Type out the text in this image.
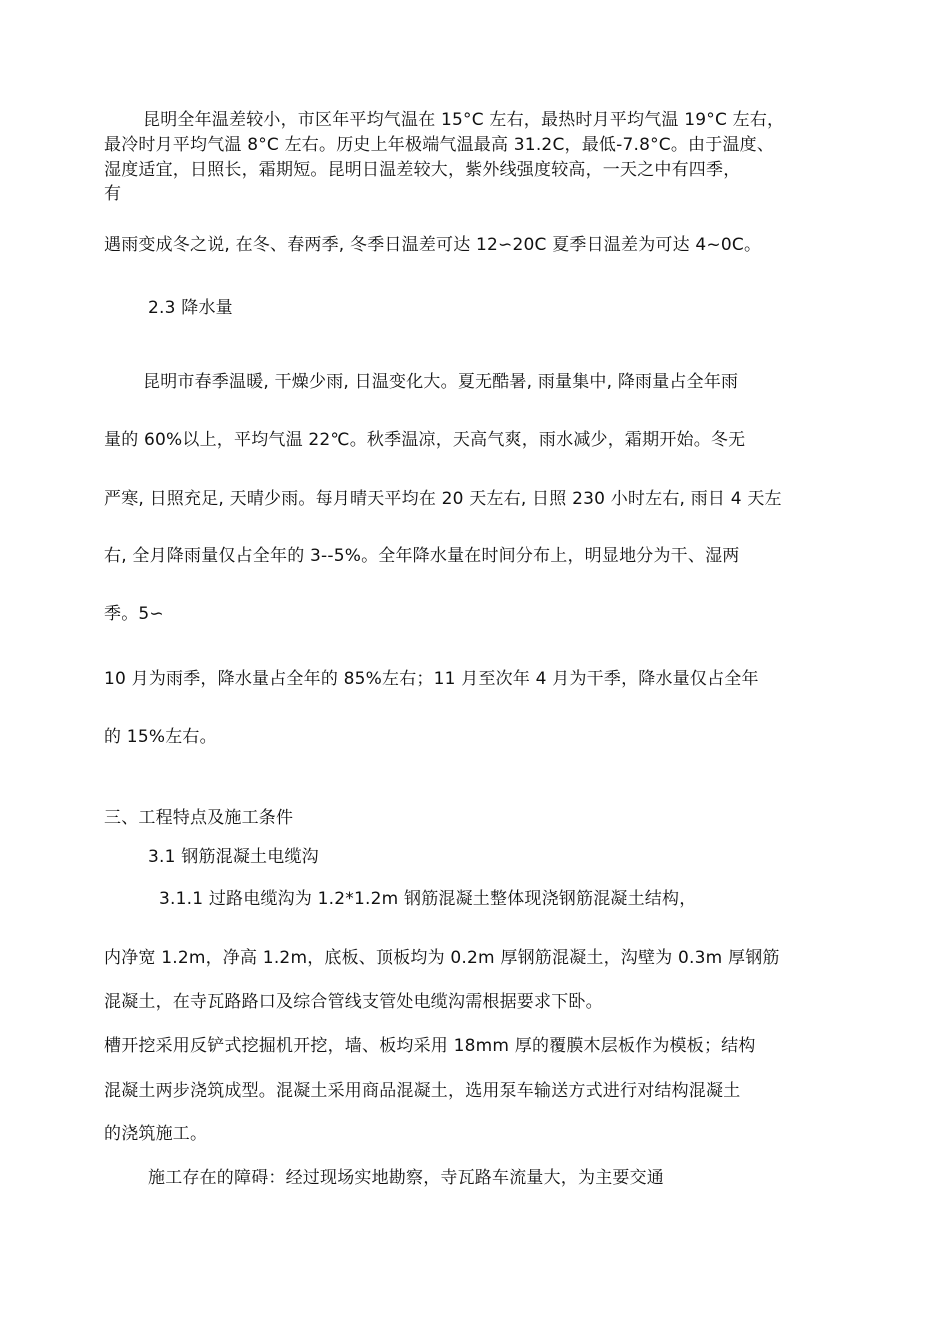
昆明全年温差较小，市区年平均气温在 15°C 左右，最热时月平均气温 19°C 左右，
最冷时月平均气温 8°C 左右。历史上年极端气温最高 31.2C，最低-7.8°C。由于温度、
湿度适宜，日照长，霜期短。昆明日温差较大，紫外线强度较高，一天之中有四季，
有
遇雨变成冬之说, 在冬、春两季, 冬季日温差可达 12∽20C 夏季日温差为可达 4~0C。
2.3 降水量
昆明市春季温暖, 干燥少雨, 日温变化大。夏无酷暑, 雨量集中, 降雨量占全年雨
量的 60%以上，平均气温 22℃。秋季温凉，天高气爽，雨水减少，霜期开始。冬无
严寒, 日照充足, 天晴少雨。每月晴天平均在 20 天左右, 日照 230 小时左右, 雨日 4 天左
右, 全月降雨量仅占全年的 3--5%。全年降水量在时间分布上，明显地分为干、湿两
季。5∽
10 月为雨季，降水量占全年的 85%左右；11 月至次年 4 月为干季，降水量仅占全年
的 15%左右。
三、工程特点及施工条件
3.1 钢筋混凝土电缆沟
3.1.1 过路电缆沟为 1.2*1.2m 钢筋混凝土整体现浇钢筋混凝土结构，
内净宽 1.2m，净高 1.2m，底板、顶板均为 0.2m 厚钢筋混凝土，沟壁为 0.3m 厚钢筋
混凝土，在寺瓦路路口及综合管线支管处电缆沟需根据要求下卧。
槽开挖采用反铲式挖掘机开挖，墙、板均采用 18mm 厚的覆膜木层板作为模板；结构
混凝土两步浇筑成型。混凝土采用商品混凝土，选用泵车输送方式进行对结构混凝土
的浇筑施工。
施工存在的障碍：经过现场实地勘察，寺瓦路车流量大，为主要交通
